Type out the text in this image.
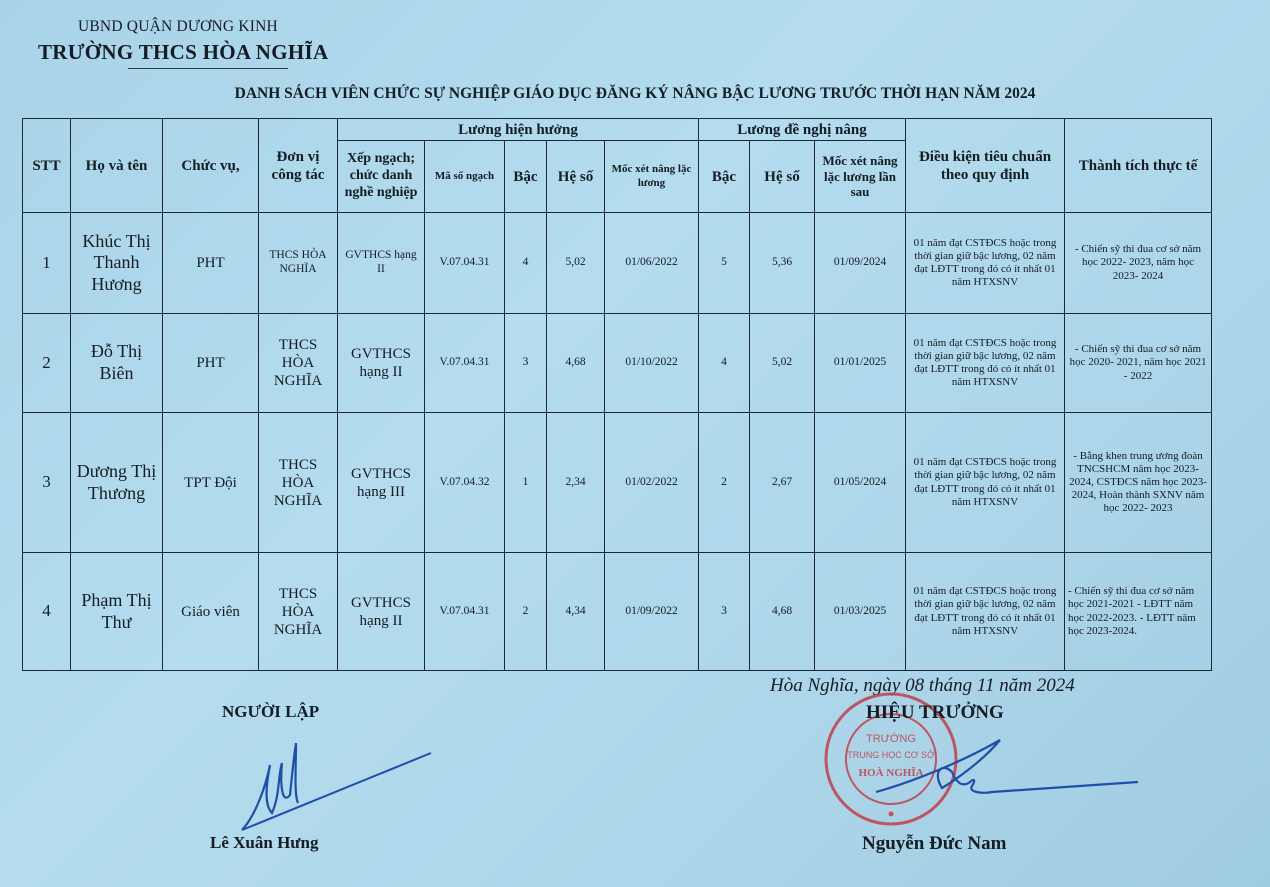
UBND QUẬN DƯƠNG KINH
TRƯỜNG THCS HÒA NGHĨA
DANH SÁCH VIÊN CHỨC SỰ NGHIỆP GIÁO DỤC ĐĂNG KÝ NÂNG BẬC LƯƠNG TRƯỚC THỜI HẠN NĂM 2024
STT	Họ và tên	Chức vụ,	Đơn vị công tác	Lương hiện hưởng					Lương đề nghị nâng			Điều kiện tiêu chuẩn theo quy định	Thành tích thực tế
				Xếp ngạch; chức danh nghề nghiệp	Mã số ngạch	Bậc	Hệ số	Mốc xét nâng lặc lương	Bậc	Hệ số	Mốc xét nâng lặc lương lần sau		
1	Khúc Thị Thanh Hương	PHT	THCS HÒA NGHĨA	GVTHCS hạng II	V.07.04.31	4	5,02	01/06/2022	5	5,36	01/09/2024	01 năm đạt CSTĐCS hoặc trong thời gian giữ bậc lương, 02 năm đạt LĐTT trong đó có ít nhất 01 năm HTXSNV	- Chiến sỹ thi đua cơ sở năm học 2022- 2023, năm học 2023- 2024
2	Đỗ Thị Biên	PHT	THCS HÒA NGHĨA	GVTHCS hạng II	V.07.04.31	3	4,68	01/10/2022	4	5,02	01/01/2025	01 năm đạt CSTĐCS hoặc trong thời gian giữ bậc lương, 02 năm đạt LĐTT trong đó có ít nhất 01 năm HTXSNV	- Chiến sỹ thi đua cơ sở năm học 2020- 2021, năm học 2021 - 2022
3	Dương Thị Thương	TPT Đội	THCS HÒA NGHĨA	GVTHCS hạng III	V.07.04.32	1	2,34	01/02/2022	2	2,67	01/05/2024	01 năm đạt CSTĐCS hoặc trong thời gian giữ bậc lương, 02 năm đạt LĐTT trong đó có ít nhất 01 năm HTXSNV	- Bằng khen trung ương đoàn TNCSHCM năm học 2023- 2024, CSTĐCS năm học 2023-2024, Hoàn thành SXNV năm học 2022- 2023
4	Phạm Thị Thư	Giáo viên	THCS HÒA NGHĨA	GVTHCS hạng II	V.07.04.31	2	4,34	01/09/2022	3	4,68	01/03/2025	01 năm đạt CSTĐCS hoặc trong thời gian giữ bậc lương, 02 năm đạt LĐTT trong đó có ít nhất 01 năm HTXSNV	- Chiến sỹ thi đua cơ sở năm học 2021-2021 - LĐTT năm học 2022-2023. - LĐTT năm học 2023-2024.
Hòa Nghĩa, ngày 08 tháng 11 năm 2024
NGƯỜI LẬP
TRƯỜNG
TRUNG HỌC CƠ SỞ
HOÀ NGHĨA
HIỆU TRƯỞNG
Lê Xuân Hưng	Nguyễn Đức Nam
